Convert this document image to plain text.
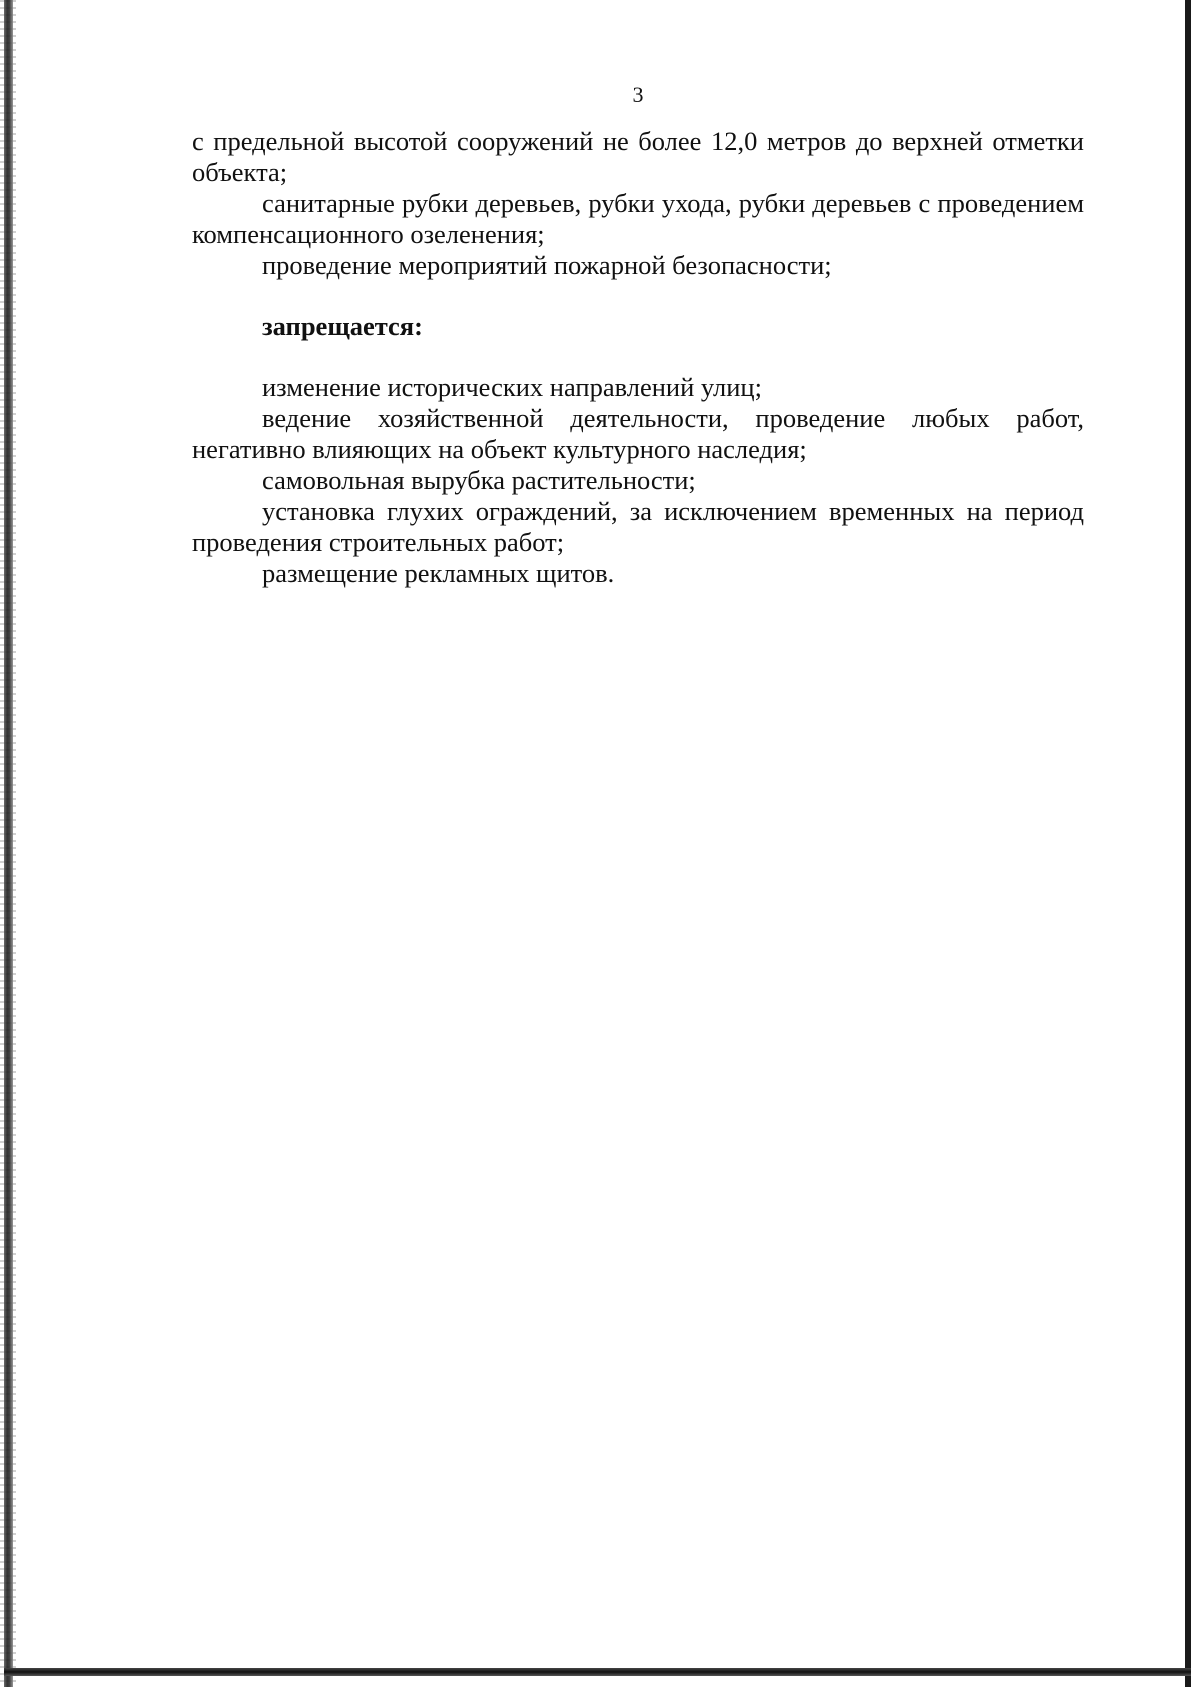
3

с предельной высотой сооружений не более 12,0 метров до верхней отметки объекта;

санитарные рубки деревьев, рубки ухода, рубки деревьев с проведением компенсационного озеленения;

проведение мероприятий пожарной безопасности;

запрещается:

изменение исторических направлений улиц;

ведение хозяйственной деятельности, проведение любых работ, негативно влияющих на объект культурного наследия;

самовольная вырубка растительности;

установка глухих ограждений, за исключением временных на период проведения строительных работ;

размещение рекламных щитов.
